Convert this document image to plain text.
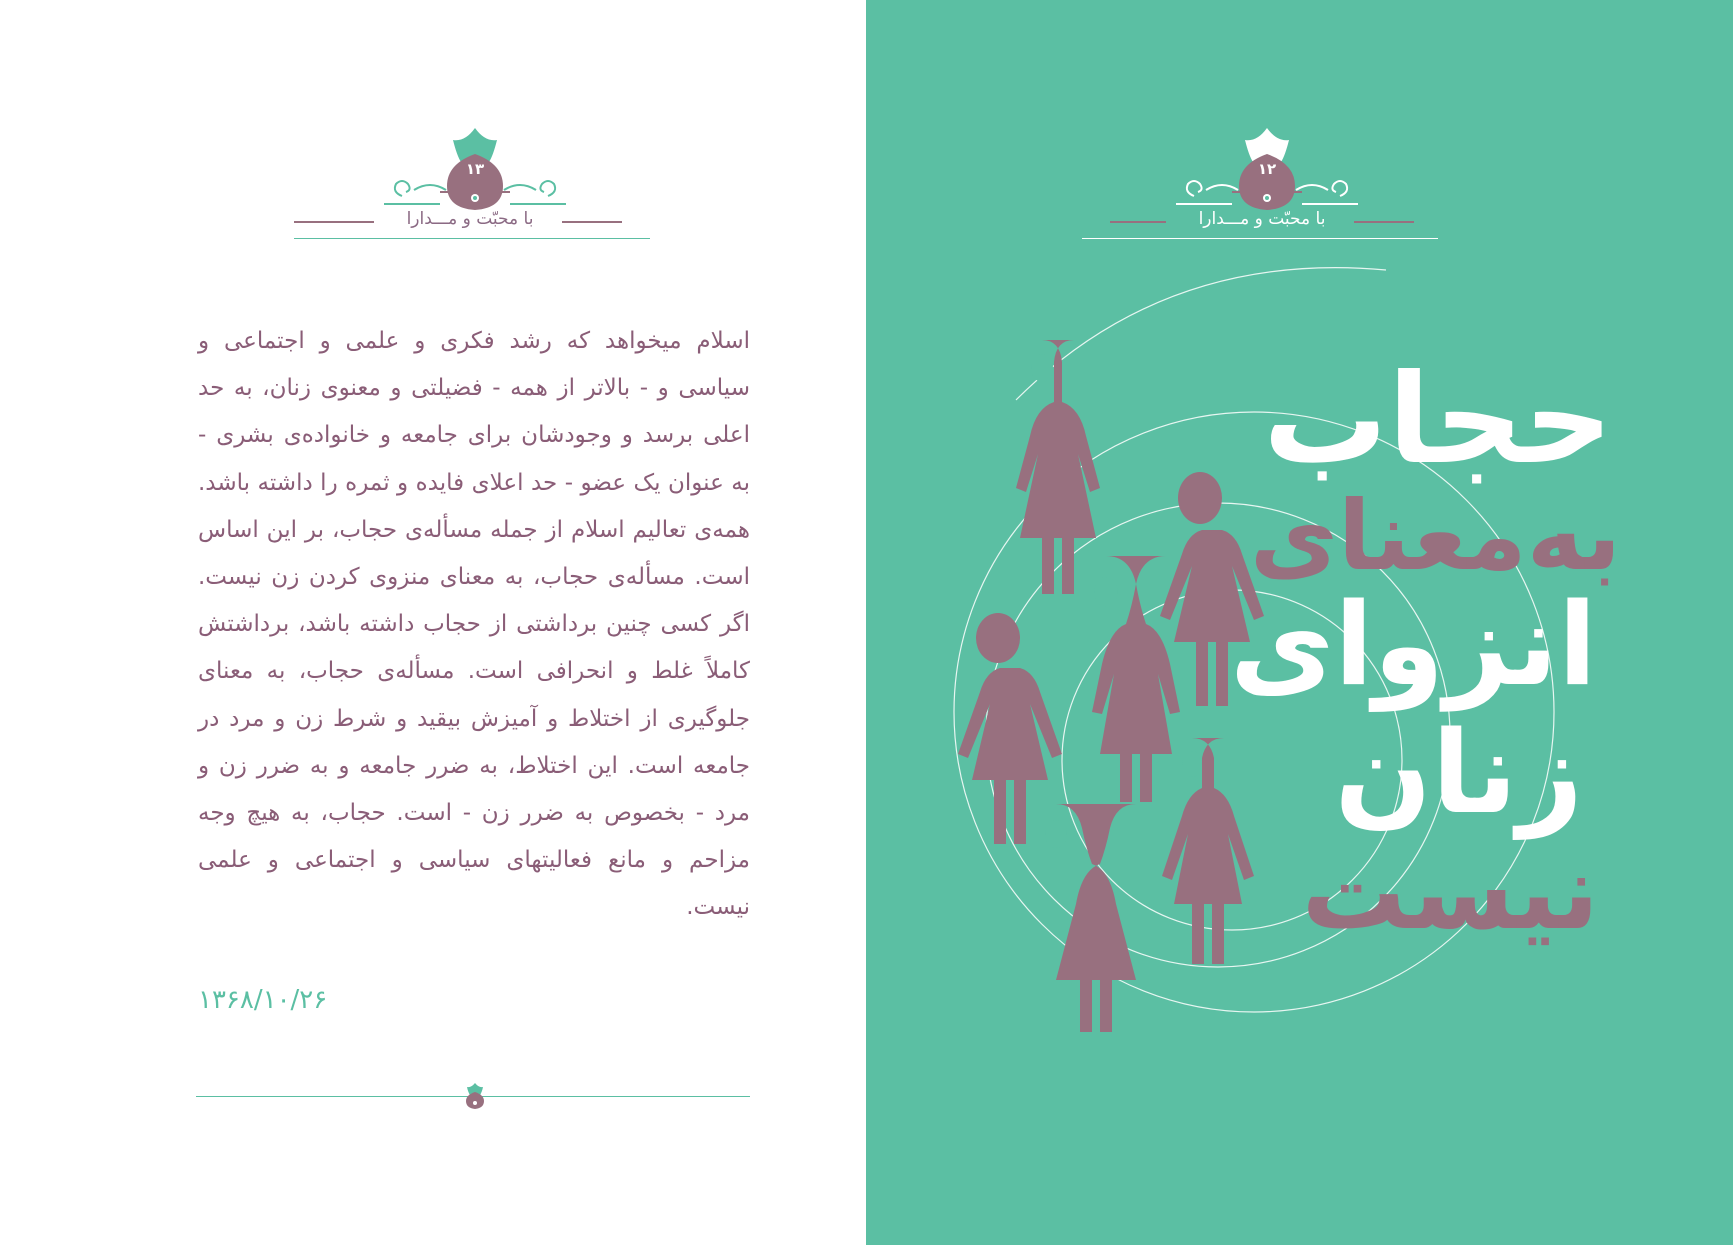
۱۳
با محبّت و مـــدارا
اسلام میخواهد که رشد فکری و علمی و اجتماعی و سیاسی و - بالاتر از همه - فضیلتی و معنوی زنان، به حد اعلی برسد و وجودشان برای جامعه و خانواده‌ی بشری - به عنوان یک عضو - حد اعلای فایده و ثمره را داشته باشد. همه‌ی تعالیم اسلام از جمله مسأله‌ی حجاب، بر این اساس است. مسأله‌ی حجاب، به معنای منزوی کردن زن نیست. اگر کسی چنین برداشتی از حجاب داشته باشد، برداشتش کاملاً غلط و انحرافی است. مسأله‌ی حجاب، به معنای جلوگیری از اختلاط و آمیزش بیقید و شرط زن و مرد در جامعه است. این اختلاط، به ضرر جامعه و به ضرر زن و مرد - بخصوص به ضرر زن - است. حجاب، به هیچ وجه مزاحم و مانع فعالیتهای سیاسی و اجتماعی و علمی نیست.
۱۳۶۸/۱۰/۲۶
۱۲
با محبّت و مـــدارا
حجاب
به‌معنای
انزوای
زنان
نیست
